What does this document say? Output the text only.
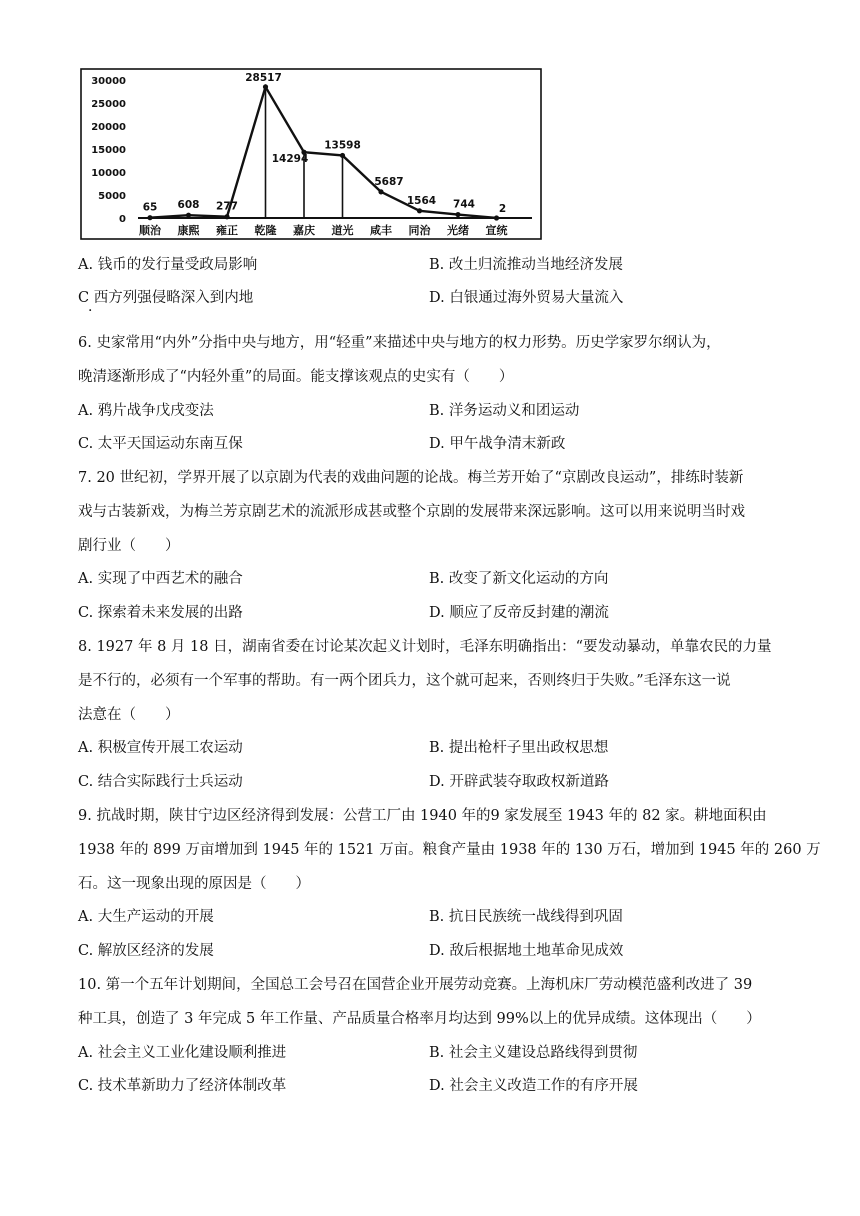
30000
25000
20000
15000
10000
5000
0
65 608 277
28517
14294
13598
5687
1564 744 2
顺治 康熙 雍正 乾隆 嘉庆 道光 咸丰 同治 光绪 宣统
A. 钱币的发行量受政局影响	B. 改土归流推动当地经济发展
C 西方列强侵略深入到内地	D. 白银通过海外贸易大量流入
·
6. 史家常用“内外”分指中央与地方，用“轻重”来描述中央与地方的权力形势。历史学家罗尔纲认为，
晚清逐渐形成了“内轻外重”的局面。能支撑该观点的史实有（　　）
A. 鸦片战争戊戌变法	B. 洋务运动义和团运动
C. 太平天国运动东南互保	D. 甲午战争清末新政
7. 20 世纪初，学界开展了以京剧为代表的戏曲问题的论战。梅兰芳开始了“京剧改良运动”，排练时装新
戏与古装新戏，为梅兰芳京剧艺术的流派形成甚或整个京剧的发展带来深远影响。这可以用来说明当时戏
剧行业（　　）
A. 实现了中西艺术的融合	B. 改变了新文化运动的方向
C. 探索着未来发展的出路	D. 顺应了反帝反封建的潮流
8. 1927 年 8 月 18 日，湖南省委在讨论某次起义计划时，毛泽东明确指出：“要发动暴动，单靠农民的力量
是不行的，必须有一个军事的帮助。有一两个团兵力，这个就可起来，否则终归于失败。”毛泽东这一说
法意在（　　）
A. 积极宣传开展工农运动	B. 提出枪杆子里出政权思想
C. 结合实际践行士兵运动	D. 开辟武装夺取政权新道路
9. 抗战时期，陕甘宁边区经济得到发展：公营工厂由 1940 年的9 家发展至 1943 年的 82 家。耕地面积由
1938 年的 899 万亩增加到 1945 年的 1521 万亩。粮食产量由 1938 年的 130 万石，增加到 1945 年的 260 万
石。这一现象出现的原因是（　　）
A. 大生产运动的开展	B. 抗日民族统一战线得到巩固
C. 解放区经济的发展	D. 敌后根据地土地革命见成效
10. 第一个五年计划期间，全国总工会号召在国营企业开展劳动竞赛。上海机床厂劳动模范盛利改进了 39
种工具，创造了 3 年完成 5 年工作量、产品质量合格率月均达到 99%以上的优异成绩。这体现出（　　）
A. 社会主义工业化建设顺利推进	B. 社会主义建设总路线得到贯彻
C. 技术革新助力了经济体制改革	D. 社会主义改造工作的有序开展
